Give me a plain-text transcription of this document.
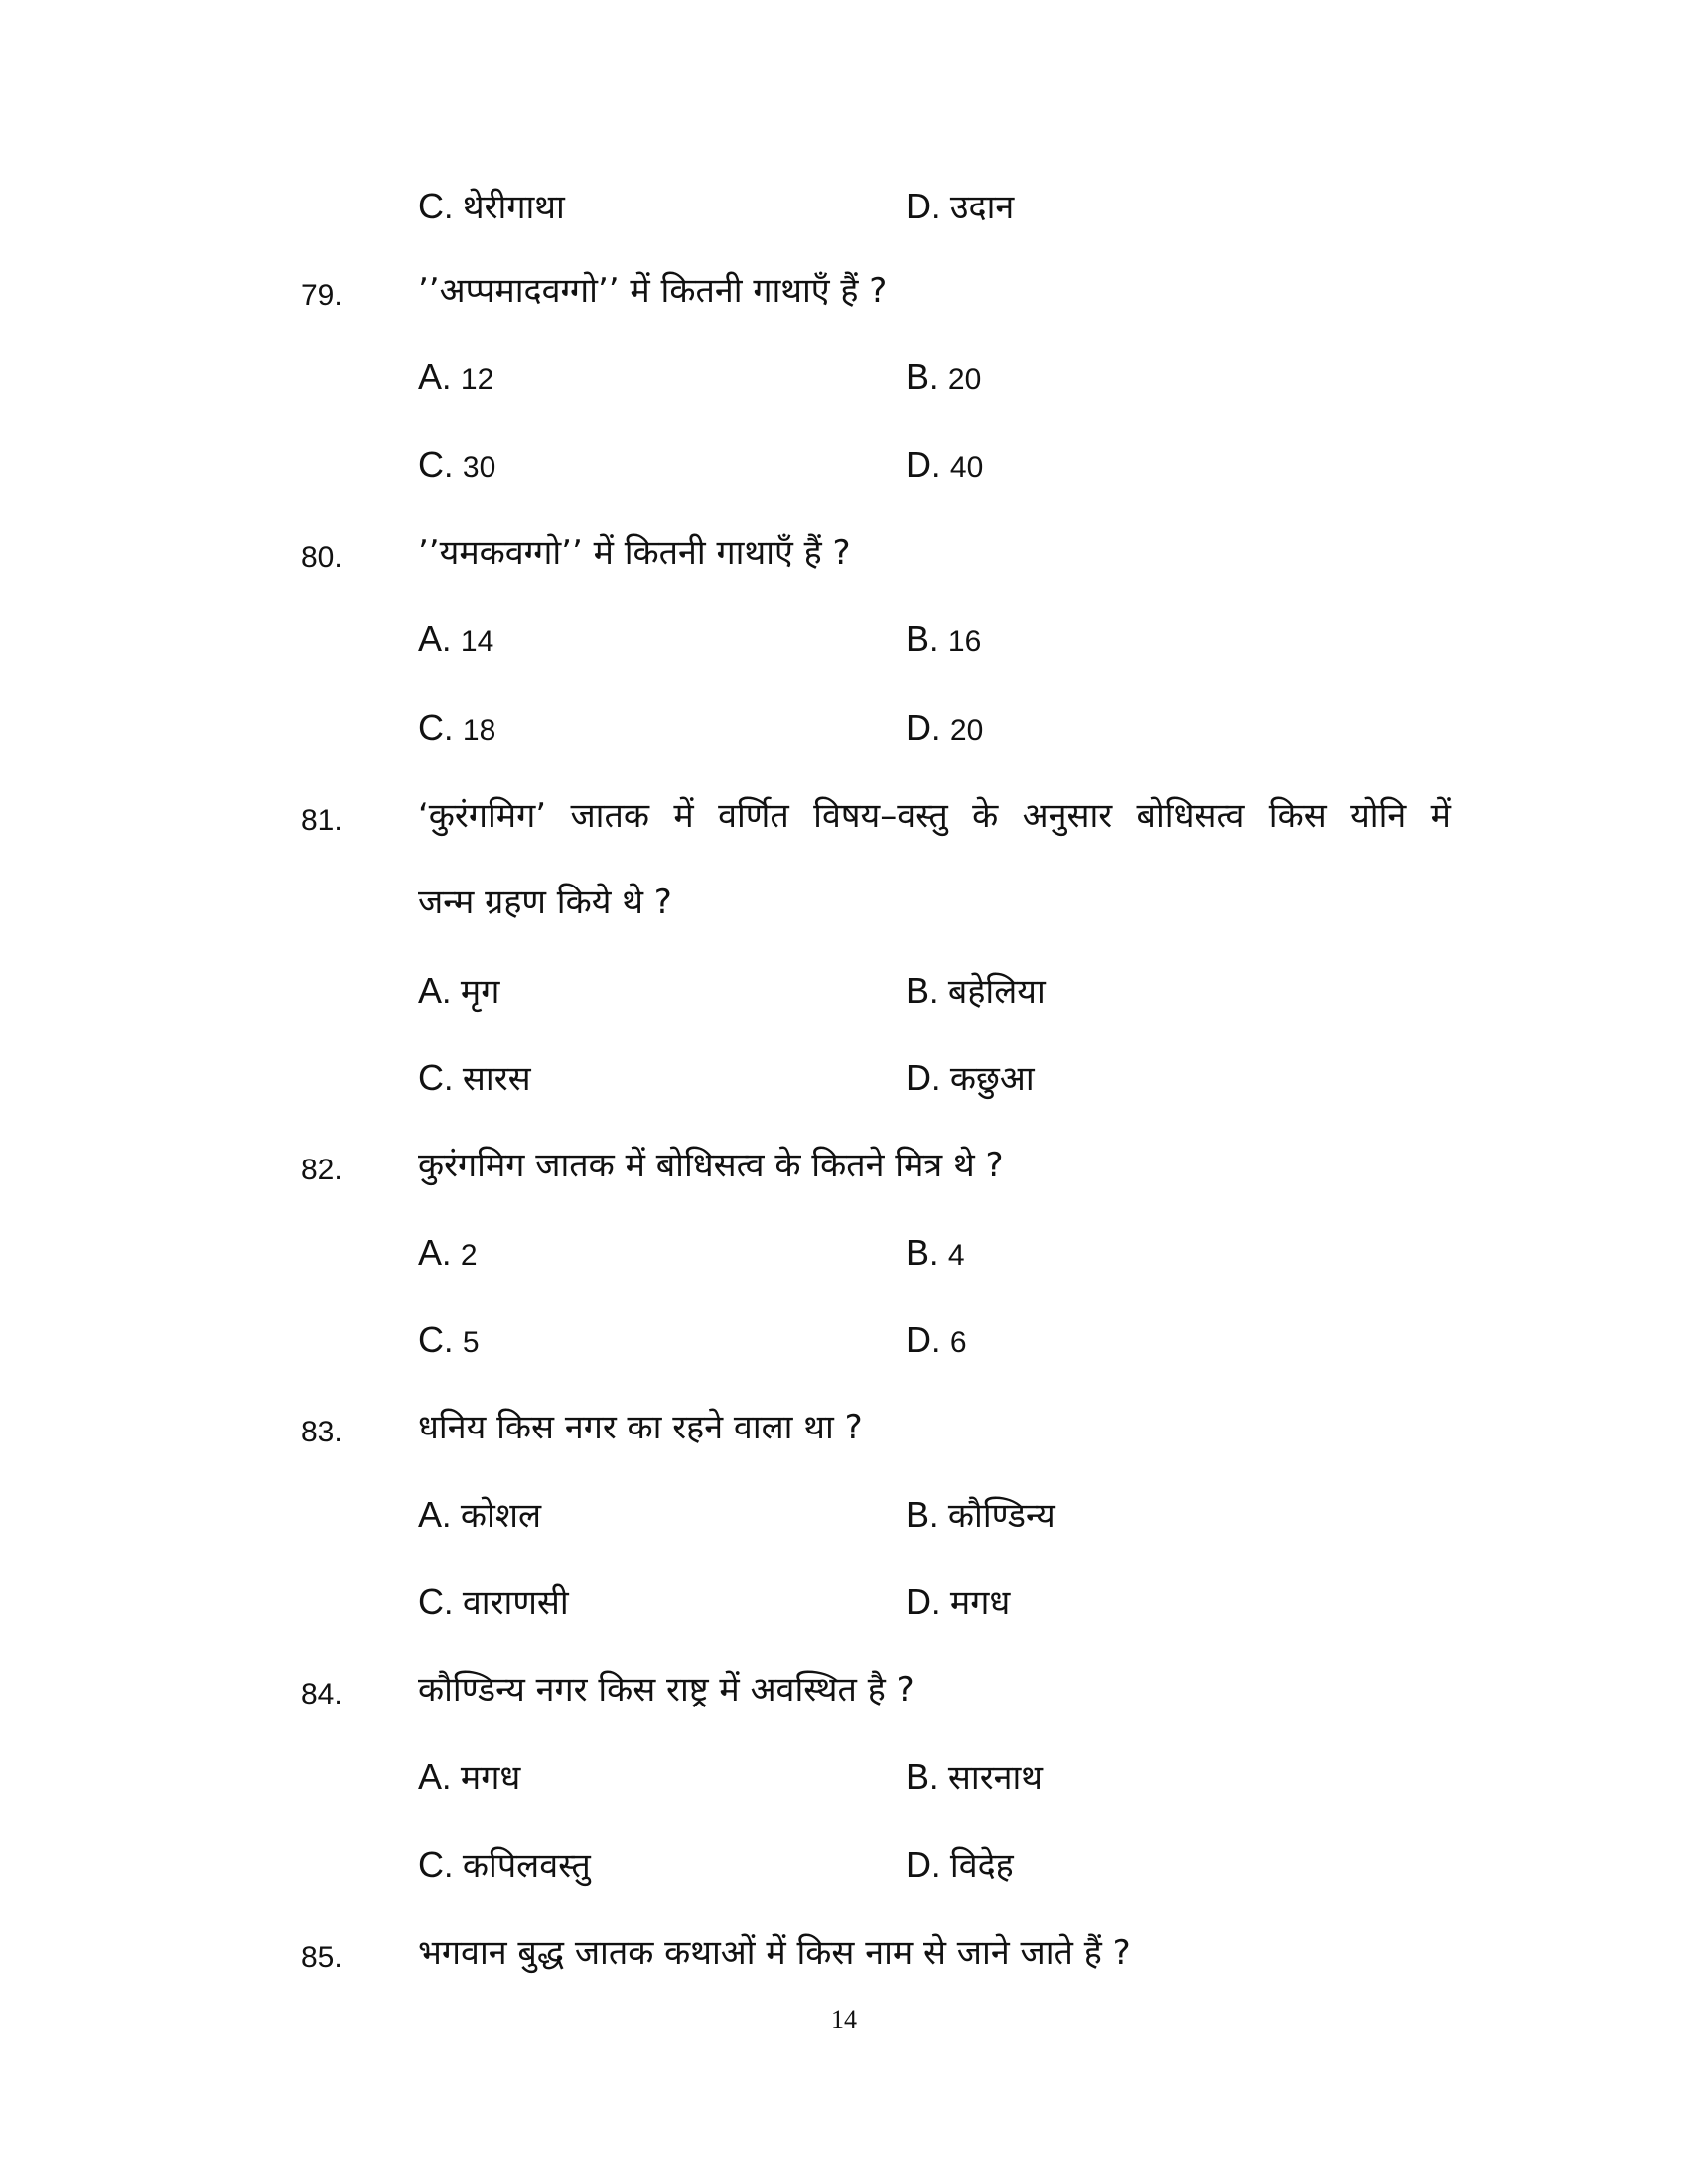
C. थेरीगाथा	D. उदान
79. ’’अप्पमादवग्गो’’ में कितनी गाथाएँ हैं ?
A. 12	B. 20
C. 30	D. 40
80. ’’यमकवग्गो’’ में कितनी गाथाएँ हैं ?
A. 14	B. 16
C. 18	D. 20
81. ‘कुरंगमिग’ जातक में वर्णित विषय–वस्तु के अनुसार बोधिसत्व किस योनि में
जन्म ग्रहण किये थे ?
A. मृग	B. बहेलिया
C. सारस	D. कछुआ
82. कुरंगमिग जातक में बोधिसत्व के कितने मित्र थे ?
A. 2	B. 4
C. 5	D. 6
83. धनिय किस नगर का रहने वाला था ?
A. कोशल	B. कौण्डिन्य
C. वाराणसी	D. मगध
84. कौण्डिन्य नगर किस राष्ट्र में अवस्थित है ?
A. मगध	B. सारनाथ
C. कपिलवस्तु	D. विदेह
85. भगवान बुद्ध जातक कथाओं में किस नाम से जाने जाते हैं ?
14
